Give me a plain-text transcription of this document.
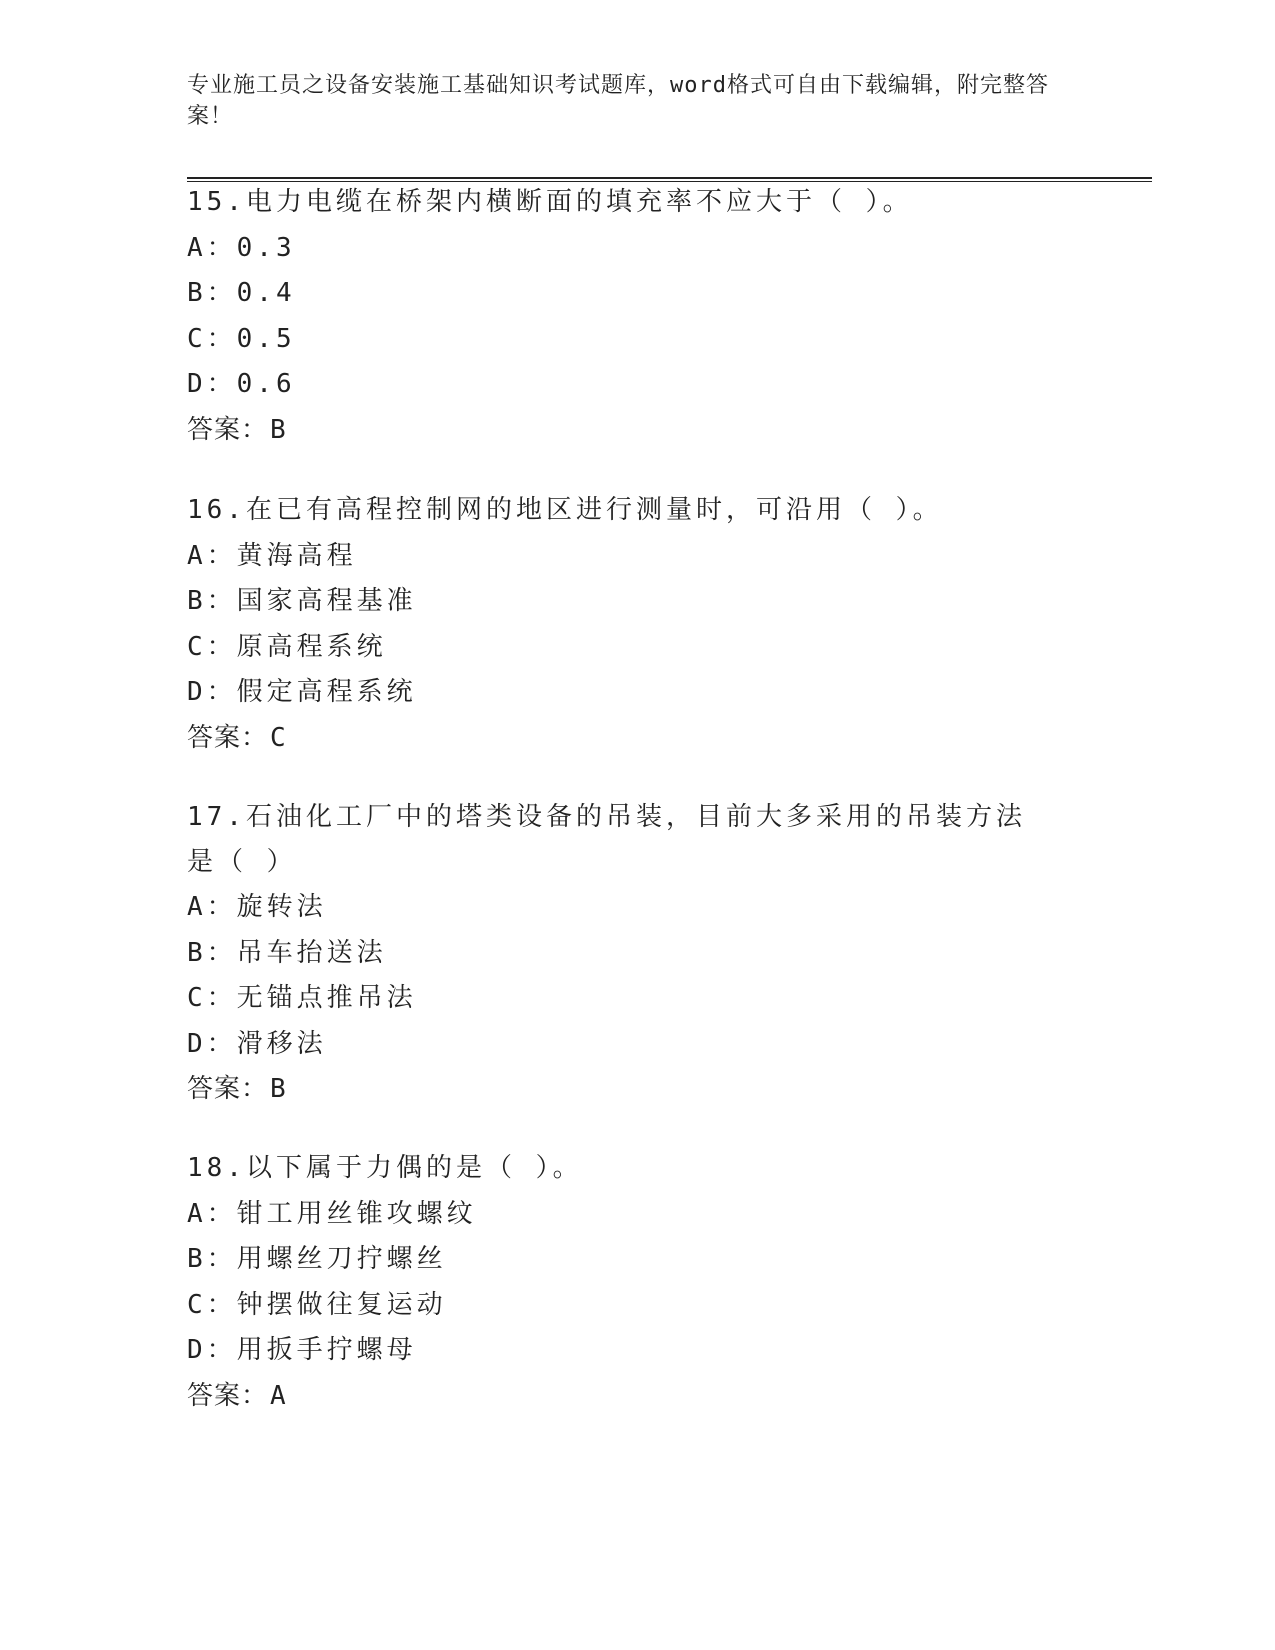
专业施工员之设备安装施工基础知识考试题库，word格式可自由下载编辑，附完整答案！
15.电力电缆在桥架内横断面的填充率不应大于（ ）。
A：0.3
B：0.4
C：0.5
D：0.6
答案：B
16.在已有高程控制网的地区进行测量时，可沿用（ ）。
A：黄海高程
B：国家高程基准
C：原高程系统
D：假定高程系统
答案：C
17.石油化工厂中的塔类设备的吊装，目前大多采用的吊装方法是（ ）
A：旋转法
B：吊车抬送法
C：无锚点推吊法
D：滑移法
答案：B
18.以下属于力偶的是（ ）。
A：钳工用丝锥攻螺纹
B：用螺丝刀拧螺丝
C：钟摆做往复运动
D：用扳手拧螺母
答案：A
